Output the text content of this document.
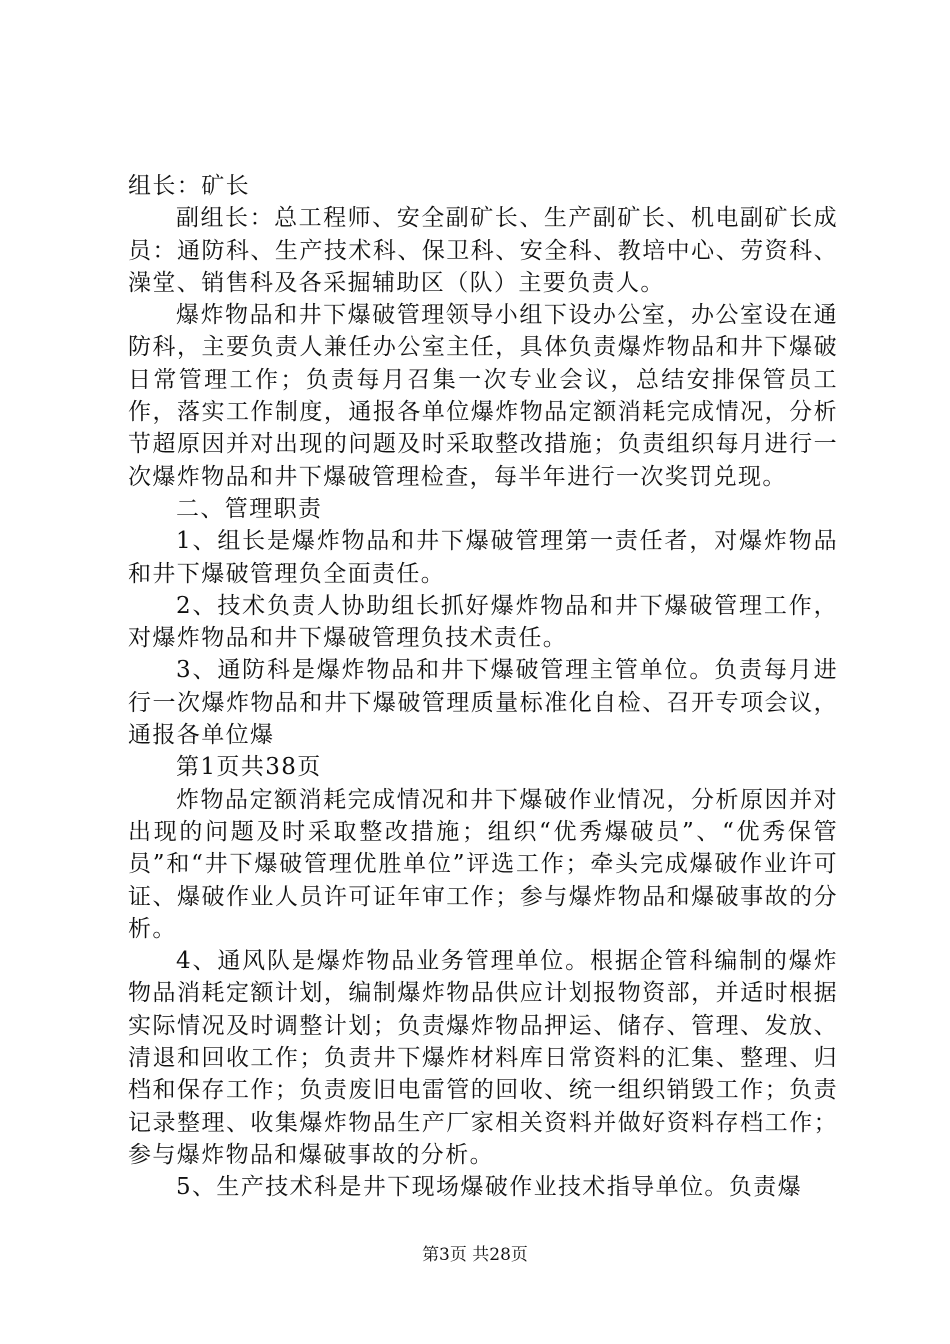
组长：矿长

副组长：总工程师、安全副矿长、生产副矿长、机电副矿长成员：通防科、生产技术科、保卫科、安全科、教培中心、劳资科、澡堂、销售科及各采掘辅助区（队）主要负责人。

爆炸物品和井下爆破管理领导小组下设办公室，办公室设在通防科，主要负责人兼任办公室主任，具体负责爆炸物品和井下爆破日常管理工作；负责每月召集一次专业会议，总结安排保管员工作，落实工作制度，通报各单位爆炸物品定额消耗完成情况，分析节超原因并对出现的问题及时采取整改措施；负责组织每月进行一次爆炸物品和井下爆破管理检查，每半年进行一次奖罚兑现。

二、管理职责

1、组长是爆炸物品和井下爆破管理第一责任者，对爆炸物品和井下爆破管理负全面责任。

2、技术负责人协助组长抓好爆炸物品和井下爆破管理工作，对爆炸物品和井下爆破管理负技术责任。

3、通防科是爆炸物品和井下爆破管理主管单位。负责每月进行一次爆炸物品和井下爆破管理质量标准化自检、召开专项会议，通报各单位爆

第1页共38页

炸物品定额消耗完成情况和井下爆破作业情况，分析原因并对出现的问题及时采取整改措施；组织“优秀爆破员”、“优秀保管员”和“井下爆破管理优胜单位”评选工作；牵头完成爆破作业许可证、爆破作业人员许可证年审工作；参与爆炸物品和爆破事故的分析。

4、通风队是爆炸物品业务管理单位。根据企管科编制的爆炸物品消耗定额计划，编制爆炸物品供应计划报物资部，并适时根据实际情况及时调整计划；负责爆炸物品押运、储存、管理、发放、清退和回收工作；负责井下爆炸材料库日常资料的汇集、整理、归档和保存工作；负责废旧电雷管的回收、统一组织销毁工作；负责记录整理、收集爆炸物品生产厂家相关资料并做好资料存档工作；参与爆炸物品和爆破事故的分析。

5、生产技术科是井下现场爆破作业技术指导单位。负责爆

第3页 共28页
